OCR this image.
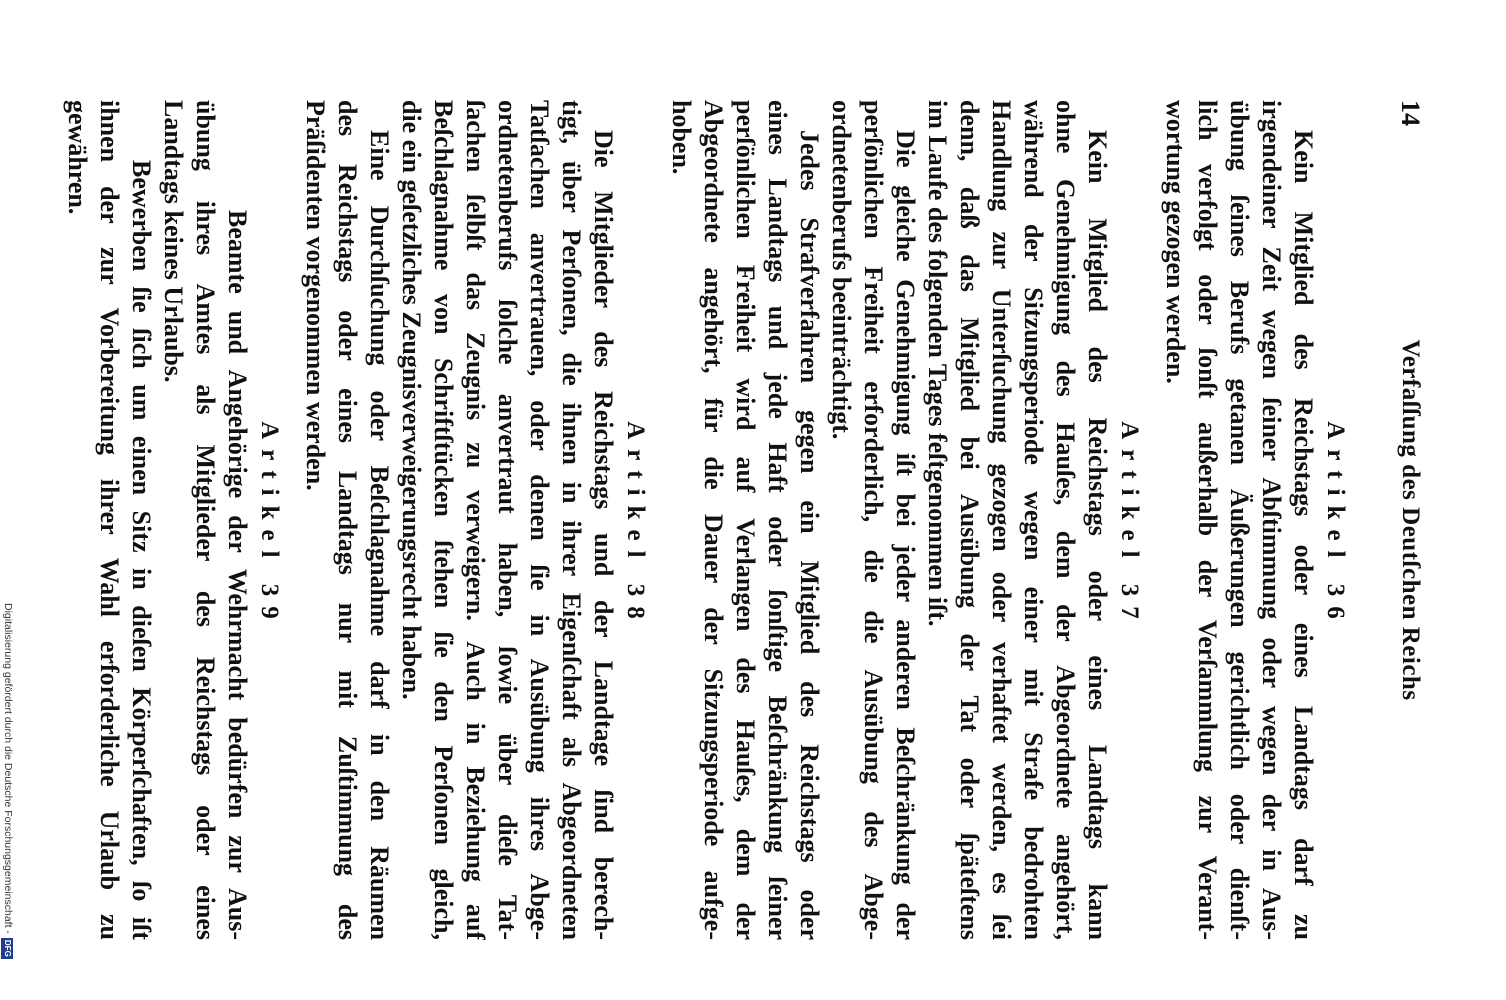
14
Verfaſſung des Deutſchen Reichs
Artikel 36
Kein Mitglied des Reichstags oder eines Landtags darf zu
irgendeiner Zeit wegen ſeiner Abſtimmung oder wegen der in Aus-
übung ſeines Berufs getanen Äußerungen gerichtlich oder dienſt-
lich verfolgt oder ſonſt außerhalb der Verſammlung zur Verant-
wortung gezogen werden.
Artikel 37
Kein Mitglied des Reichstags oder eines Landtags kann
ohne Genehmigung des Hauſes, dem der Abgeordnete angehört,
während der Sitzungsperiode wegen einer mit Strafe bedrohten
Handlung zur Unterſuchung gezogen oder verhaftet werden, es ſei
denn, daß das Mitglied bei Ausübung der Tat oder ſpäteſtens
im Laufe des folgenden Tages feſtgenommen iſt.
Die gleiche Genehmigung iſt bei jeder anderen Beſchränkung der
perſönlichen Freiheit erforderlich, die die Ausübung des Abge-
ordnetenberufs beeinträchtigt.
Jedes Strafverfahren gegen ein Mitglied des Reichstags oder
eines Landtags und jede Haft oder ſonſtige Beſchränkung ſeiner
perſönlichen Freiheit wird auf Verlangen des Hauſes, dem der
Abgeordnete angehört, für die Dauer der Sitzungsperiode aufge-
hoben.
Artikel 38
Die Mitglieder des Reichstags und der Landtage ſind berech-
tigt, über Perſonen, die ihnen in ihrer Eigenſchaft als Abgeordneten
Tatſachen anvertrauen, oder denen ſie in Ausübung ihres Abge-
ordnetenberufs ſolche anvertraut haben, ſowie über dieſe Tat-
ſachen ſelbſt das Zeugnis zu verweigern. Auch in Beziehung auf
Beſchlagnahme von Schriftſtücken ſtehen ſie den Perſonen gleich,
die ein geſetzliches Zeugnisverweigerungsrecht haben.
Eine Durchſuchung oder Beſchlagnahme darf in den Räumen
des Reichstags oder eines Landtags nur mit Zuſtimmung des
Präſidenten vorgenommen werden.
Artikel 39
Beamte und Angehörige der Wehrmacht bedürfen zur Aus-
übung ihres Amtes als Mitglieder des Reichstags oder eines
Landtags keines Urlaubs.
Bewerben ſie ſich um einen Sitz in dieſen Körperſchaften, ſo iſt
ihnen der zur Vorbereitung ihrer Wahl erforderliche Urlaub zu
gewähren.
Digitalisierung gefördert durch die Deutsche Forschungsgemeinschaft -
DFG
